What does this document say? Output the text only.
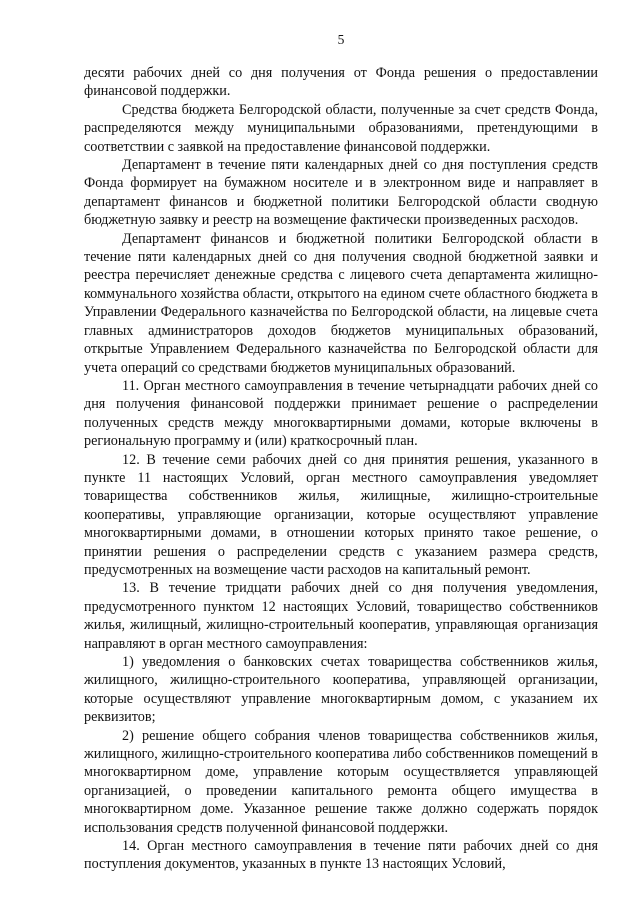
5

десяти рабочих дней со дня получения от Фонда решения о предоставлении финансовой поддержки.

Средства бюджета Белгородской области, полученные за счет средств Фонда, распределяются между муниципальными образованиями, претендующими в соответствии с заявкой на предоставление финансовой поддержки.

Департамент в течение пяти календарных дней со дня поступления средств Фонда формирует на бумажном носителе и в электронном виде и направляет в департамент финансов и бюджетной политики Белгородской области сводную бюджетную заявку и реестр на возмещение фактически произведенных расходов.

Департамент финансов и бюджетной политики Белгородской области в течение пяти календарных дней со дня получения сводной бюджетной заявки и реестра перечисляет денежные средства с лицевого счета департамента жилищно-коммунального хозяйства области, открытого на едином счете областного бюджета в Управлении Федерального казначейства по Белгородской области, на лицевые счета главных администраторов доходов бюджетов муниципальных образований, открытые Управлением Федерального казначейства по Белгородской области для учета операций со средствами бюджетов муниципальных образований.

11. Орган местного самоуправления в течение четырнадцати рабочих дней со дня получения финансовой поддержки принимает решение о распределении полученных средств между многоквартирными домами, которые включены в региональную программу и (или) краткосрочный план.

12. В течение семи рабочих дней со дня принятия решения, указанного в пункте 11 настоящих Условий, орган местного самоуправления уведомляет товарищества собственников жилья, жилищные, жилищно-строительные кооперативы, управляющие организации, которые осуществляют управление многоквартирными домами, в отношении которых принято такое решение, о принятии решения о распределении средств с указанием размера средств, предусмотренных на возмещение части расходов на капитальный ремонт.

13. В течение тридцати рабочих дней со дня получения уведомления, предусмотренного пунктом 12 настоящих Условий, товарищество собственников жилья, жилищный, жилищно-строительный кооператив, управляющая организация направляют в орган местного самоуправления:

1) уведомления о банковских счетах товарищества собственников жилья, жилищного, жилищно-строительного кооператива, управляющей организации, которые осуществляют управление многоквартирным домом, с указанием их реквизитов;

2) решение общего собрания членов товарищества собственников жилья, жилищного, жилищно-строительного кооператива либо собственников помещений в многоквартирном доме, управление которым осуществляется управляющей организацией, о проведении капитального ремонта общего имущества в многоквартирном доме. Указанное решение также должно содержать порядок использования средств полученной финансовой поддержки.

14. Орган местного самоуправления в течение пяти рабочих дней со дня поступления документов, указанных в пункте 13 настоящих Условий,
